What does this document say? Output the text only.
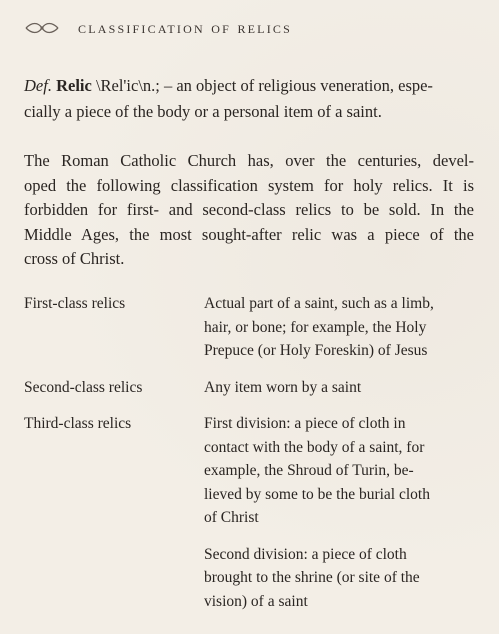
classification of relics
Def. Relic \Rel'ic\n.; – an object of religious veneration, espe-
cially a piece of the body or a personal item of a saint.
The Roman Catholic Church has, over the centuries, devel-
oped the following classification system for holy relics. It is
forbidden for first- and second-class relics to be sold. In the
Middle Ages, the most sought-after relic was a piece of the
cross of Christ.
First-class relics	Actual part of a saint, such as a limb,
hair, or bone; for example, the Holy
Prepuce (or Holy Foreskin) of Jesus
Second-class relics	Any item worn by a saint
Third-class relics	First division: a piece of cloth in
contact with the body of a saint, for
example, the Shroud of Turin, be-
lieved by some to be the burial cloth
of Christ
Second division: a piece of cloth
brought to the shrine (or site of the
vision) of a saint
